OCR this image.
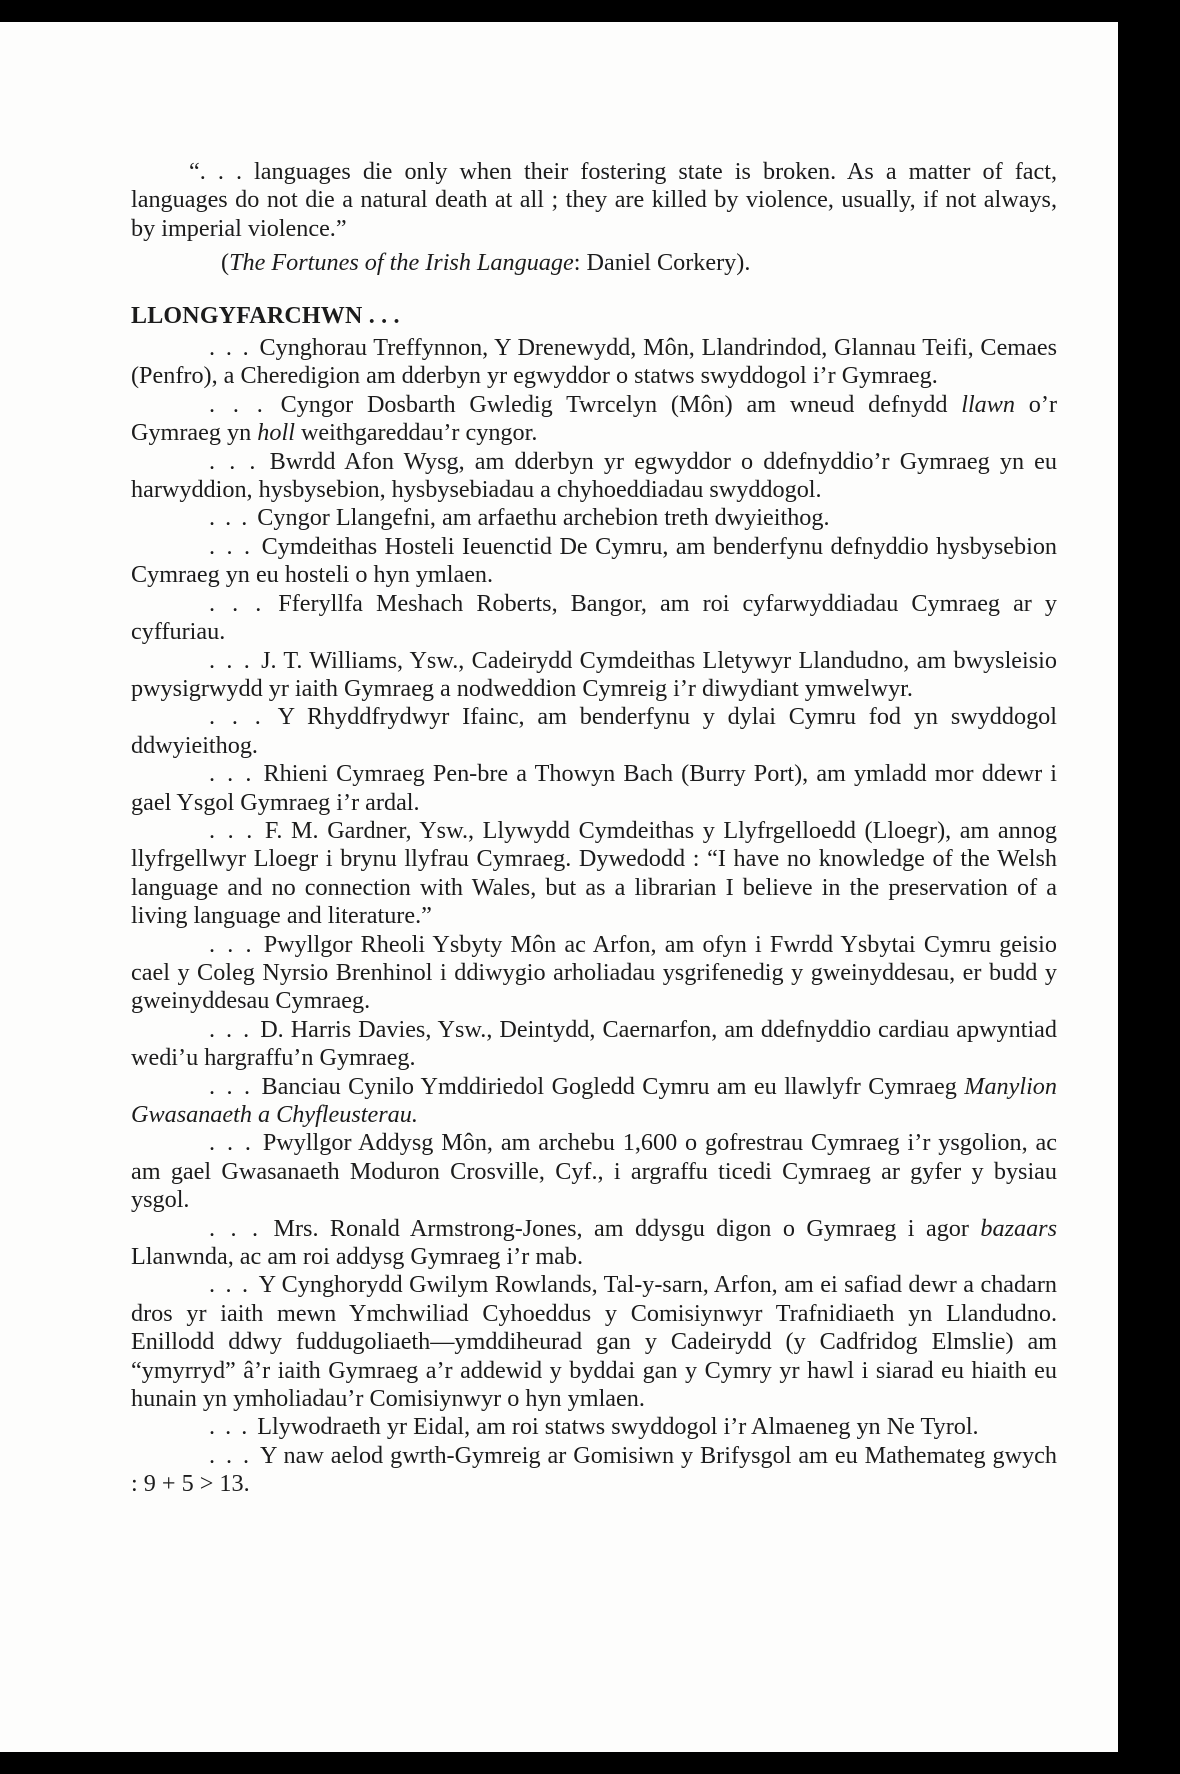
“. . . languages die only when their fostering state is broken. As a matter of fact, languages do not die a natural death at all ; they are killed by violence, usually, if not always, by imperial violence.”

(The Fortunes of the Irish Language: Daniel Corkery).

LLONGYFARCHWN . . .

. . . Cynghorau Treffynnon, Y Drenewydd, Môn, Llandrindod, Glannau Teifi, Cemaes (Penfro), a Cheredigion am dderbyn yr egwyddor o statws swyddogol i’r Gymraeg.

. . . Cyngor Dosbarth Gwledig Twrcelyn (Môn) am wneud defnydd llawn o’r Gymraeg yn holl weithgareddau’r cyngor.

. . . Bwrdd Afon Wysg, am dderbyn yr egwyddor o ddefnyddio’r Gymraeg yn eu harwyddion, hysbysebion, hysbysebiadau a chyhoeddiadau swyddogol.

. . . Cyngor Llangefni, am arfaethu archebion treth dwyieithog.

. . . Cymdeithas Hosteli Ieuenctid De Cymru, am benderfynu defnyddio hysbysebion Cymraeg yn eu hosteli o hyn ymlaen.

. . . Fferyllfa Meshach Roberts, Bangor, am roi cyfarwyddiadau Cymraeg ar y cyffuriau.

. . . J. T. Williams, Ysw., Cadeirydd Cymdeithas Lletywyr Llandudno, am bwysleisio pwysigrwydd yr iaith Gymraeg a nodweddion Cymreig i’r diwydiant ymwelwyr.

. . . Y Rhyddfrydwyr Ifainc, am benderfynu y dylai Cymru fod yn swyddogol ddwyieithog.

. . . Rhieni Cymraeg Pen-bre a Thowyn Bach (Burry Port), am ymladd mor ddewr i gael Ysgol Gymraeg i’r ardal.

. . . F. M. Gardner, Ysw., Llywydd Cymdeithas y Llyfrgelloedd (Lloegr), am annog llyfrgellwyr Lloegr i brynu llyfrau Cymraeg. Dywedodd : “I have no knowledge of the Welsh language and no connection with Wales, but as a librarian I believe in the preservation of a living language and literature.”

. . . Pwyllgor Rheoli Ysbyty Môn ac Arfon, am ofyn i Fwrdd Ysbytai Cymru geisio cael y Coleg Nyrsio Brenhinol i ddiwygio arholiadau ysgrifenedig y gweinyddesau, er budd y gweinyddesau Cymraeg.

. . . D. Harris Davies, Ysw., Deintydd, Caernarfon, am ddefnyddio cardiau apwyntiad wedi’u hargraffu’n Gymraeg.

. . . Banciau Cynilo Ymddiriedol Gogledd Cymru am eu llawlyfr Cymraeg Manylion Gwasanaeth a Chyfleusterau.

. . . Pwyllgor Addysg Môn, am archebu 1,600 o gofrestrau Cymraeg i’r ysgolion, ac am gael Gwasanaeth Moduron Crosville, Cyf., i argraffu ticedi Cymraeg ar gyfer y bysiau ysgol.

. . . Mrs. Ronald Armstrong-Jones, am ddysgu digon o Gymraeg i agor bazaars Llanwnda, ac am roi addysg Gymraeg i’r mab.

. . . Y Cynghorydd Gwilym Rowlands, Tal-y-sarn, Arfon, am ei safiad dewr a chadarn dros yr iaith mewn Ymchwiliad Cyhoeddus y Comisiynwyr Trafnidiaeth yn Llandudno. Enillodd ddwy fuddugoliaeth—ymddiheurad gan y Cadeirydd (y Cadfridog Elmslie) am “ymyrryd” â’r iaith Gymraeg a’r addewid y byddai gan y Cymry yr hawl i siarad eu hiaith eu hunain yn ymholiadau’r Comisiynwyr o hyn ymlaen.

. . . Llywodraeth yr Eidal, am roi statws swyddogol i’r Almaeneg yn Ne Tyrol.

. . . Y naw aelod gwrth-Gymreig ar Gomisiwn y Brifysgol am eu Mathemateg gwych : 9 + 5 > 13.
